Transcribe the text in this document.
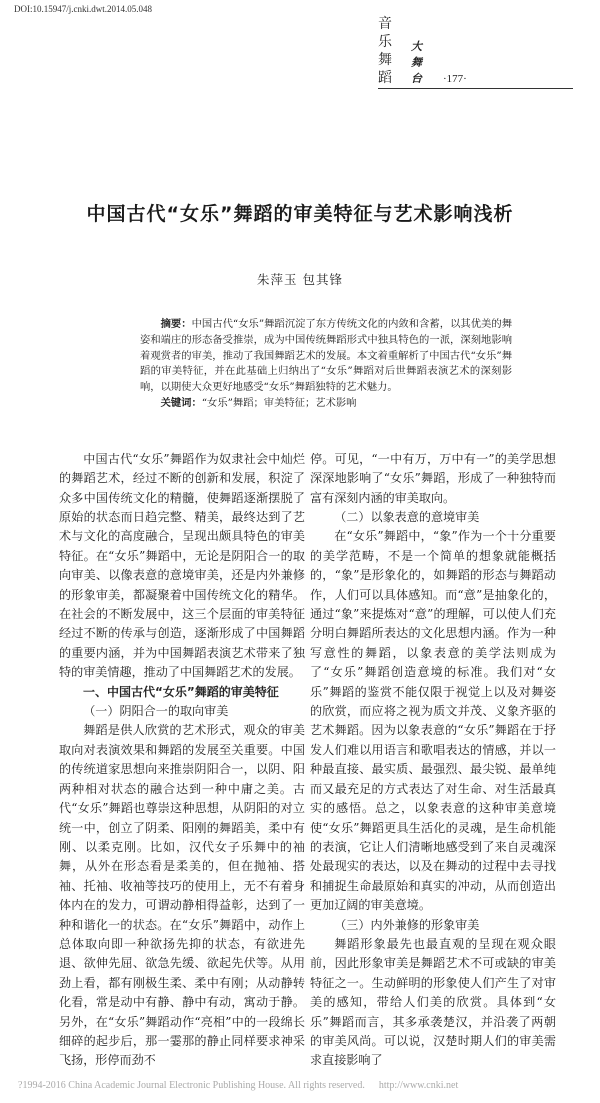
DOI:10.15947/j.cnki.dwt.2014.05.048
音乐舞蹈
大舞台 ·177·
中国古代“女乐”舞蹈的审美特征与艺术影响浅析
朱萍玉 包其锋

摘要：中国古代“女乐”舞蹈沉淀了东方传统文化的内敛和含蓄，以其优美的舞姿和端庄的形态备受推崇，成为中国传统舞蹈形式中独具特色的一派，深刻地影响着观赏者的审美，推动了我国舞蹈艺术的发展。本文着重解析了中国古代“女乐”舞蹈的审美特征，并在此基础上归纳出了“女乐”舞蹈对后世舞蹈表演艺术的深刻影响，以期使大众更好地感受“女乐”舞蹈独特的艺术魅力。

关键词：“女乐”舞蹈；审美特征；艺术影响

中国古代“女乐”舞蹈作为奴隶社会中灿烂的舞蹈艺术，经过不断的创新和发展，积淀了众多中国传统文化的精髓，使舞蹈逐渐摆脱了原始的状态而日趋完整、精美，最终达到了艺术与文化的高度融合，呈现出颇具特色的审美特征。在“女乐”舞蹈中，无论是阴阳合一的取向审美、以像表意的意境审美，还是内外兼修的形象审美，都凝聚着中国传统文化的精华。在社会的不断发展中，这三个层面的审美特征经过不断的传承与创造，逐渐形成了中国舞蹈的重要内涵，并为中国舞蹈表演艺术带来了独特的审美情趣，推动了中国舞蹈艺术的发展。

一、中国古代“女乐”舞蹈的审美特征

（一）阴阳合一的取向审美

舞蹈是供人欣赏的艺术形式，观众的审美取向对表演效果和舞蹈的发展至关重要。中国的传统道家思想向来推崇阴阳合一，以阴、阳两种相对状态的融合达到一种中庸之美。古代“女乐”舞蹈也尊崇这种思想，从阴阳的对立统一中，创立了阴柔、阳刚的舞蹈美，柔中有刚、以柔克刚。比如，汉代女子乐舞中的袖舞，从外在形态看是柔美的，但在抛袖、搭袖、托袖、收袖等技巧的使用上，无不有着身体内在的发力，可谓动静相得益彰，达到了一种和谐化一的状态。在“女乐”舞蹈中，动作上总体取向即一种欲扬先抑的状态，有欲进先退、欲伸先屈、欲急先缓、欲起先伏等。从用劲上看，都有刚极生柔、柔中有刚；从动静转化看，常是动中有静、静中有动，寓动于静。另外，在“女乐”舞蹈动作“亮相”中的一段绵长细碎的起步后，那一霎那的静止同样要求神采飞扬，形停而劲不

停。可见，“一中有万，万中有一”的美学思想深深地影响了“女乐”舞蹈，形成了一种独特而富有深刻内涵的审美取向。

（二）以象表意的意境审美

在“女乐”舞蹈中，“象”作为一个十分重要的美学范畴，不是一个简单的想象就能概括的，“象”是形象化的，如舞蹈的形态与舞蹈动作，人们可以具体感知。而“意”是抽象化的，通过“象”来提炼对“意”的理解，可以使人们充分明白舞蹈所表达的文化思想内涵。作为一种写意性的舞蹈，以象表意的美学法则成为了“女乐”舞蹈创造意境的标准。我们对“女乐”舞蹈的鉴赏不能仅限于视觉上以及对舞姿的欣赏，而应将之视为质文并茂、义象齐驱的艺术舞蹈。因为以象表意的“女乐”舞蹈在于抒发人们难以用语言和歌唱表达的情感，并以一种最直接、最实质、最强烈、最尖锐、最单纯而又最充足的方式表达了对生命、对生活最真实的感悟。总之，以象表意的这种审美意境使“女乐”舞蹈更具生活化的灵魂，是生命机能的表演，它让人们清晰地感受到了来自灵魂深处最现实的表达，以及在舞动的过程中去寻找和捕捉生命最原始和真实的冲动，从而创造出更加辽阔的审美意境。

（三）内外兼修的形象审美

舞蹈形象最先也最直观的呈现在观众眼前，因此形象审美是舞蹈艺术不可或缺的审美特征之一。生动鲜明的形象使人们产生了对审美的感知，带给人们美的欣赏。具体到“女乐”舞蹈而言，其多承袭楚汉，并沿袭了两朝的审美风尚。可以说，汉楚时期人们的审美需求直接影响了

?1994-2016 China Academic Journal Electronic Publishing House. All rights reserved. http://www.cnki.net
